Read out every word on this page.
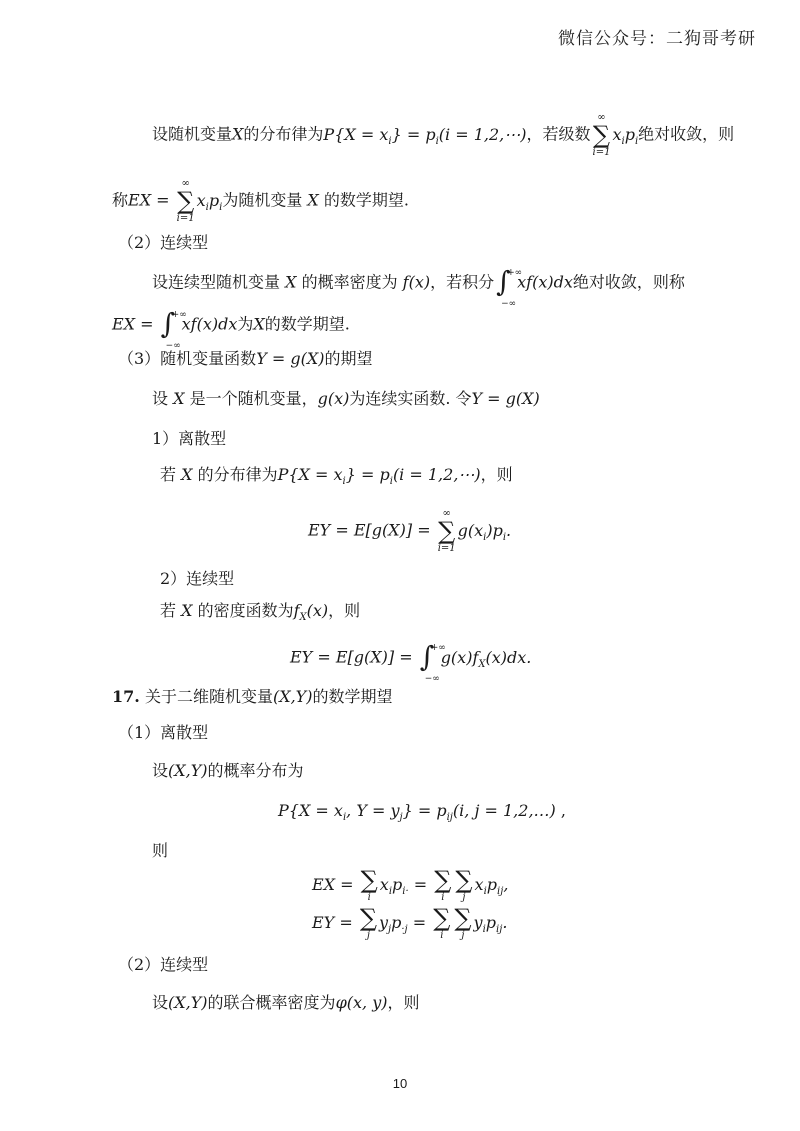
微信公众号：二狗哥考研
设随机变量X的分布律为$P\{X = x_i\} = p_i(i$ = 1,2,⋯)，若级数
∞
∑
i=1
$x_ip_i$绝对收敛，则
称EX =
∞
∑
i=1
$x_ip_i$为随机变量 X 的数学期望.
（2）连续型
设连续型随机变量 X 的概率密度为 f(x)，若积分 ∫
+∞
−∞
xf(x)dx绝对收敛，则称
EX = ∫
+∞
−∞
xf(x)dx为X的数学期望.
（3）随机变量函数Y = g(X)的期望
设 X 是一个随机变量，g(x)为连续实函数. 令Y = g(X)
1）离散型
若 X 的分布律为$P\{X = x_i\} = p_i(i$ = 1,2,⋯)，则
EY = E[g(X)] =
∞
∑
i=1
$g(x_i)p_i$.
2）连续型
若 X 的密度函数为$f_X(x)$，则
EY = E[g(X)] = ∫
+∞
−∞
$g(x)f_X(x)dx$.
17. 关于二维随机变量(X,Y)的数学期望
（1）离散型
设(X,Y)的概率分布为
$P\{X = x_i$, $Y = y_j\} = p_{ij}(i$, j = 1,2,…) ,
则
EX = ∑
i
$x_ip_{i\cdot}$ = ∑
i
∑
j
$x_ip_{ij}$,
EY = ∑
j
$y_jp_{\cdot j}$ = ∑
i
∑
j
$y_ip_{ij}$.
（2）连续型
设(X,Y)的联合概率密度为φ(x, y)，则
10
